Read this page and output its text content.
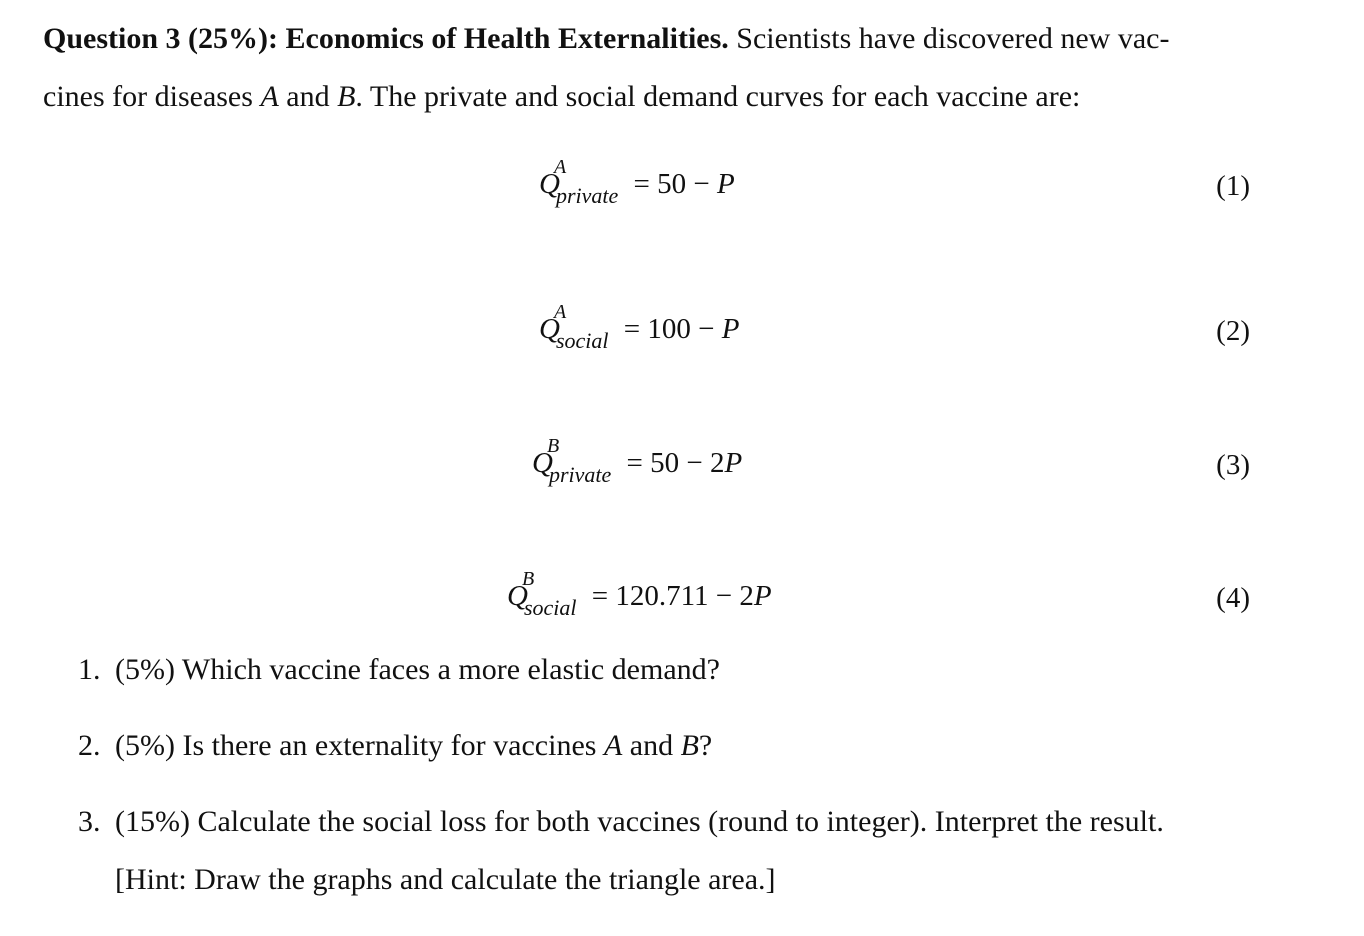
Question 3 (25%): Economics of Health Externalities. Scientists have discovered new vac-
cines for diseases A and B. The private and social demand curves for each vaccine are:
Q
A
$_{private}$ = 50 − P	(1)
Q
A
$_{social}$ = 100 − P	(2)
Q
B
$_{private}$ = 50 − 2P	(3)
Q
B
$_{social}$ = 120.711 − 2P	(4)
1. (5%) Which vaccine faces a more elastic demand?
2. (5%) Is there an externality for vaccines A and B?
3. (15%) Calculate the social loss for both vaccines (round to integer). Interpret the result.
[Hint: Draw the graphs and calculate the triangle area.]
